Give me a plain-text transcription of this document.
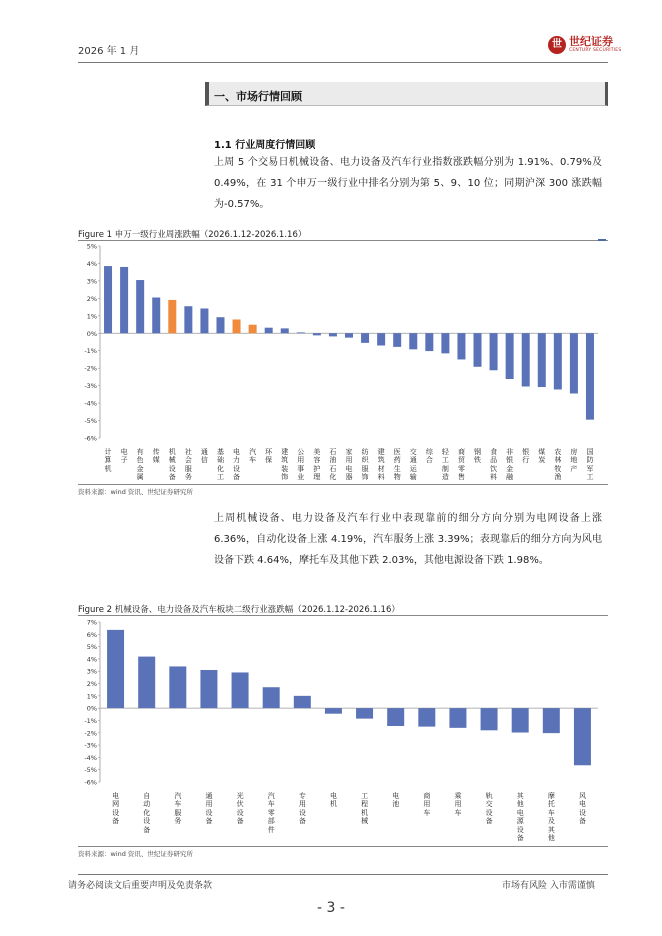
2026 年 1 月
世 世纪证券
CENTURY SECURITIES
一、市场行情回顾
1.1 行业周度行情回顾
上周 5 个交易日机械设备、电力设备及汽车行业指数涨跌幅分别为 1.91%、0.79%及 0.49%，在 31 个申万一级行业中排名分别为第 5、9、10 位；同期沪深 300 涨跌幅为-0.57%。
Figure 1 申万一级行业周涨跌幅（2026.1.12-2026.1.16）
5%
4%
3%
2%
1%
0%
-1%
-2%
-3%
-4%
-5%
-6%
计
算
机
电
子
有
色
金
属
传
媒
机
械
设
备
社
会
服
务
通
信
基
础
化
工
电
力
设
备
汽
车
环
保
建
筑
装
饰
公
用
事
业
美
容
护
理
石
油
石
化
家
用
电
器
纺
织
服
饰
建
筑
材
料
医
药
生
物
交
通
运
输
综
合
轻
工
制
造
商
贸
零
售
钢
铁
食
品
饮
料
非
银
金
融
银
行
煤
炭
农
林
牧
渔
房
地
产
国
防
军
工
资料来源：wind 资讯、世纪证券研究所
上周机械设备、电力设备及汽车行业中表现靠前的细分方向分别为电网设备上涨 6.36%，自动化设备上涨 4.19%，汽车服务上涨 3.39%；表现靠后的细分方向为风电设备下跌 4.64%，摩托车及其他下跌 2.03%，其他电源设备下跌 1.98%。
Figure 2 机械设备、电力设备及汽车板块二级行业涨跌幅（2026.1.12-2026.1.16）
7%
6%
5%
4%
3%
2%
1%
0%
-1%
-2%
-3%
-4%
-5%
-6%
电
网
设
备
自
动
化
设
备
汽
车
服
务
通
用
设
备
光
伏
设
备
汽
车
零
部
件
专
用
设
备
电
机
工
程
机
械
电
池
商
用
车
乘
用
车
轨
交
设
备
其
他
电
源
设
备
摩
托
车
及
其
他
风
电
设
备
资料来源：wind 资讯、世纪证券研究所
请务必阅读文后重要声明及免责条款	市场有风险 入市需谨慎
- 3 -
